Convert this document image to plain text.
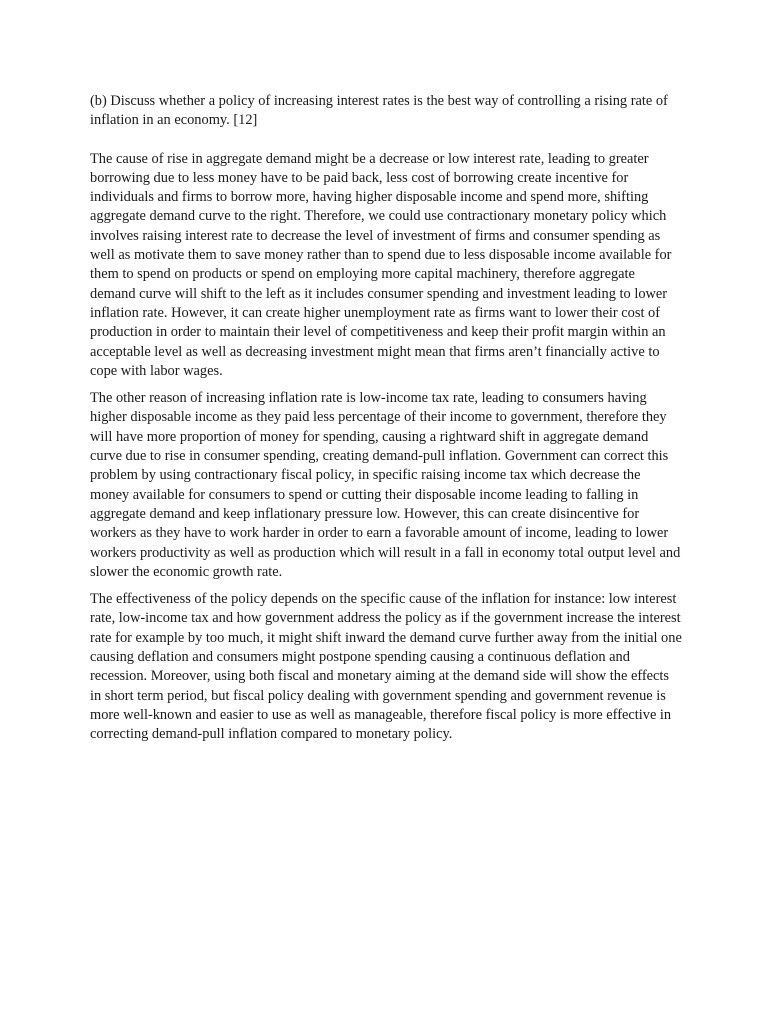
(b) Discuss whether a policy of increasing interest rates is the best way of controlling a rising rate of inflation in an economy. [12]

The cause of rise in aggregate demand might be a decrease or low interest rate, leading to greater borrowing due to less money have to be paid back, less cost of borrowing create incentive for individuals and firms to borrow more, having higher disposable income and spend more, shifting aggregate demand curve to the right. Therefore, we could use contractionary monetary policy which involves raising interest rate to decrease the level of investment of firms and consumer spending as well as motivate them to save money rather than to spend due to less disposable income available for them to spend on products or spend on employing more capital machinery, therefore aggregate demand curve will shift to the left as it includes consumer spending and investment leading to lower inflation rate. However, it can create higher unemployment rate as firms want to lower their cost of production in order to maintain their level of competitiveness and keep their profit margin within an acceptable level as well as decreasing investment might mean that firms aren’t financially active to cope with labor wages.

The other reason of increasing inflation rate is low-income tax rate, leading to consumers having higher disposable income as they paid less percentage of their income to government, therefore they will have more proportion of money for spending, causing a rightward shift in aggregate demand curve due to rise in consumer spending, creating demand-pull inflation. Government can correct this problem by using contractionary fiscal policy, in specific raising income tax which decrease the money available for consumers to spend or cutting their disposable income leading to falling in aggregate demand and keep inflationary pressure low. However, this can create disincentive for workers as they have to work harder in order to earn a favorable amount of income, leading to lower workers productivity as well as production which will result in a fall in economy total output level and slower the economic growth rate.

The effectiveness of the policy depends on the specific cause of the inflation for instance: low interest rate, low-income tax and how government address the policy as if the government increase the interest rate for example by too much, it might shift inward the demand curve further away from the initial one causing deflation and consumers might postpone spending causing a continuous deflation and recession. Moreover, using both fiscal and monetary aiming at the demand side will show the effects in short term period, but fiscal policy dealing with government spending and government revenue is more well-known and easier to use as well as manageable, therefore fiscal policy is more effective in correcting demand-pull inflation compared to monetary policy.
